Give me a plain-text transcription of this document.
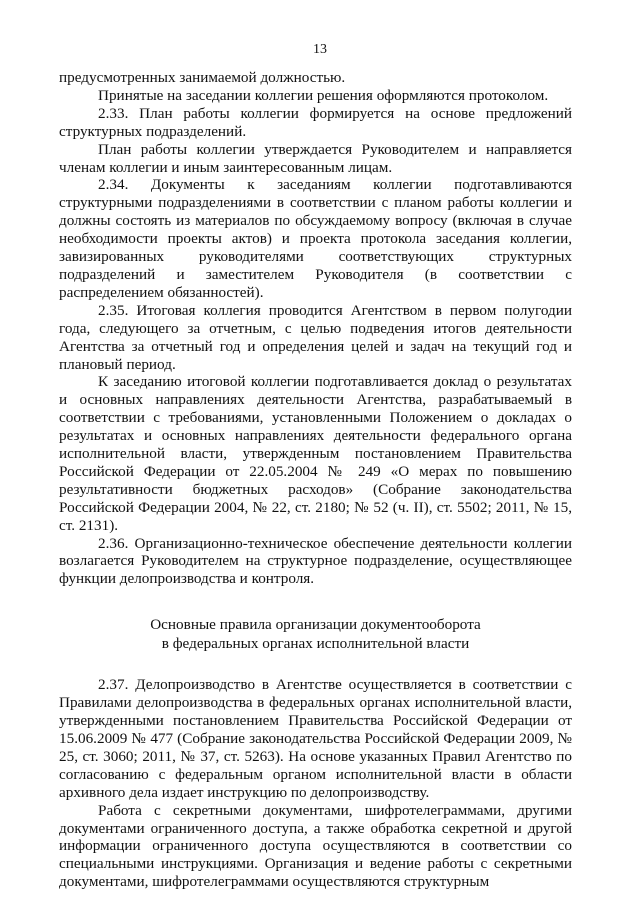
13

предусмотренных занимаемой должностью.

Принятые на заседании коллегии решения оформляются протоколом.

2.33. План работы коллегии формируется на основе предложений структурных подразделений.

План работы коллегии утверждается Руководителем и направляется членам коллегии и иным заинтересованным лицам.

2.34. Документы к заседаниям коллегии подготавливаются структурными подразделениями в соответствии с планом работы коллегии и должны состоять из материалов по обсуждаемому вопросу (включая в случае необходимости проекты актов) и проекта протокола заседания коллегии, завизированных руководителями соответствующих структурных подразделений и заместителем Руководителя (в соответствии с распределением обязанностей).

2.35. Итоговая коллегия проводится Агентством в первом полугодии года, следующего за отчетным, с целью подведения итогов деятельности Агентства за отчетный год и определения целей и задач на текущий год и плановый период.

К заседанию итоговой коллегии подготавливается доклад о результатах и основных направлениях деятельности Агентства, разрабатываемый в соответствии с требованиями, установленными Положением о докладах о результатах и основных направлениях деятельности федерального органа исполнительной власти, утвержденным постановлением Правительства Российской Федерации от 22.05.2004 № 249 «О мерах по повышению результативности бюджетных расходов» (Собрание законодательства Российской Федерации 2004, № 22, ст. 2180; № 52 (ч. II), ст. 5502; 2011, № 15, ст. 2131).

2.36. Организационно-техническое обеспечение деятельности коллегии возлагается Руководителем на структурное подразделение, осуществляющее функции делопроизводства и контроля.

Основные правила организации документооборота

в федеральных органах исполнительной власти

2.37. Делопроизводство в Агентстве осуществляется в соответствии с Правилами делопроизводства в федеральных органах исполнительной власти, утвержденными постановлением Правительства Российской Федерации от 15.06.2009 № 477 (Собрание законодательства Российской Федерации 2009, № 25, ст. 3060; 2011, № 37, ст. 5263). На основе указанных Правил Агентство по согласованию с федеральным органом исполнительной власти в области архивного дела издает инструкцию по делопроизводству.

Работа с секретными документами, шифротелеграммами, другими документами ограниченного доступа, а также обработка секретной и другой информации ограниченного доступа осуществляются в соответствии со специальными инструкциями. Организация и ведение работы с секретными документами, шифротелеграммами осуществляются структурным
